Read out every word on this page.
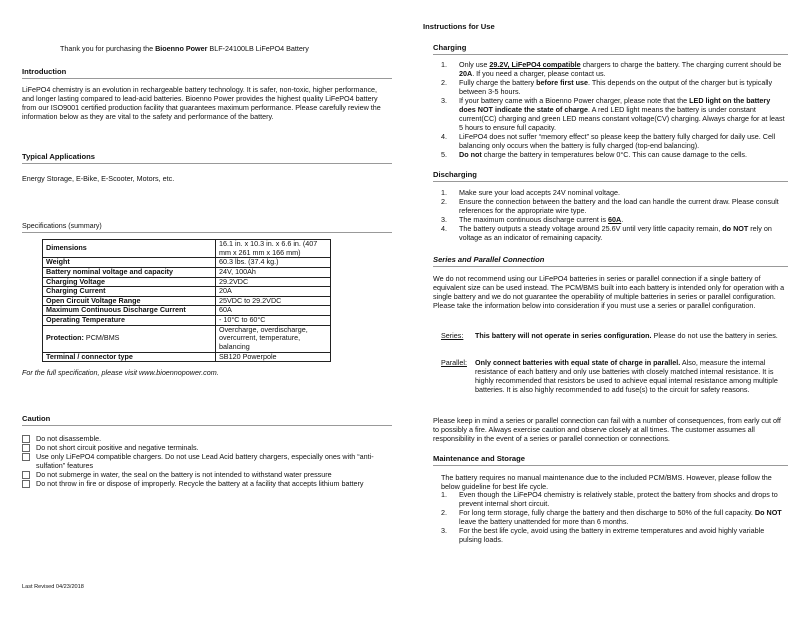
Thank you for purchasing the Bioenno Power BLF-24100LB LiFePO4 Battery

Introduction

LiFePO4 chemistry is an evolution in rechargeable battery technology. It is safer, non-toxic, higher performance, and longer lasting compared to lead-acid batteries. Bioenno Power provides the highest quality LiFePO4 battery from our ISO9001 certified production facility that guarantees maximum performance. Please carefully review the information below as they are vital to the safety and performance of the battery.

Typical Applications

Energy Storage, E-Bike, E-Scooter, Motors, etc.

Specifications (summary)
Dimensions	16.1 in. x 10.3 in. x 6.6 in. (407 mm x 261 mm x 166 mm)
Weight	60.3 lbs. (37.4 kg.)
Battery nominal voltage and capacity	24V, 100Ah
Charging Voltage	29.2VDC
Charging Current	20A
Open Circuit Voltage Range	25VDC to 29.2VDC
Maximum Continuous Discharge Current	60A
Operating Temperature	- 10°C to 60°C
Protection: PCM/BMS	Overcharge, overdischarge, overcurrent, temperature, balancing
Terminal / connector type	SB120 Powerpole

For the full specification, please visit www.bioennopower.com.

Caution
Do not disassemble.
Do not short circuit positive and negative terminals.
Use only LiFePO4 compatible chargers. Do not use Lead Acid battery chargers, especially ones with “anti-sulfation” features
Do not submerge in water, the seal on the battery is not intended to withstand water pressure
Do not throw in fire or dispose of improperly. Recycle the battery at a facility that accepts lithium battery

Last Revised 04/23/2018

Instructions for Use
Charging
1. Only use 29.2V, LiFePO4 compatible chargers to charge the battery. The charging current should be 20A. If you need a charger, please contact us.
2. Fully charge the battery before first use. This depends on the output of the charger but is typically between 3-5 hours.
3. If your battery came with a Bioenno Power charger, please note that the LED light on the battery does NOT indicate the state of charge. A red LED light means the battery is under constant current(CC) charging and green LED means constant voltage(CV) charging. Always charge for at least 5 hours to ensure full capacity.
4. LiFePO4 does not suffer “memory effect” so please keep the battery fully charged for daily use. Cell balancing only occurs when the battery is fully charged (top-end balancing).
5. Do not charge the battery in temperatures below 0°C. This can cause damage to the cells.
Discharging
1. Make sure your load accepts 24V nominal voltage.
2. Ensure the connection between the battery and the load can handle the current draw. Please consult references for the appropriate wire type.
3. The maximum continuous discharge current is 60A.
4. The battery outputs a steady voltage around 25.6V until very little capacity remain, do NOT rely on voltage as an indicator of remaining capacity.
Series and Parallel Connection

We do not recommend using our LiFePO4 batteries in series or parallel connection if a single battery of equivalent size can be used instead. The PCM/BMS built into each battery is intended only for operation with a single battery and we do not guarantee the operability of multiple batteries in series or parallel configuration. Please take the information below into consideration if you must use a series or parallel configuration.

Series: This battery will not operate in series configuration. Please do not use the battery in series.

Parallel: Only connect batteries with equal state of charge in parallel. Also, measure the internal resistance of each battery and only use batteries with closely matched internal resistance. It is highly recommended that resistors be used to achieve equal internal resistance among multiple batteries. It is also highly recommended to add fuse(s) to the circuit for safety reasons.

Please keep in mind a series or parallel connection can fail with a number of consequences, from early cut off to possibly a fire. Always exercise caution and observe closely at all times. The customer assumes all responsibility in the event of a series or parallel connection or connections.

Maintenance and Storage

The battery requires no manual maintenance due to the included PCM/BMS. However, please follow the below guideline for best life cycle.

1. Even though the LiFePO4 chemistry is relatively stable, protect the battery from shocks and drops to prevent internal short circuit.
2. For long term storage, fully charge the battery and then discharge to 50% of the full capacity. Do NOT leave the battery unattended for more than 6 months.
3. For the best life cycle, avoid using the battery in extreme temperatures and avoid highly variable pulsing loads.
